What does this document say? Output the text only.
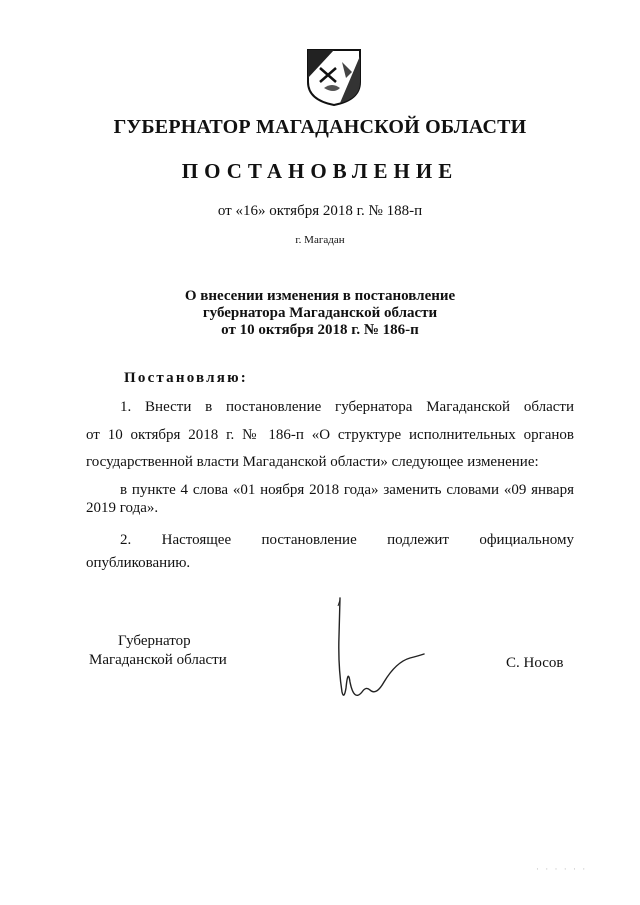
ГУБЕРНАТОР МАГАДАНСКОЙ ОБЛАСТИ
ПОСТАНОВЛЕНИЕ
от «16» октября 2018 г. № 188-п
г. Магадан
О внесении изменения в постановление
губернатора Магаданской области
от 10 октября 2018 г. № 186-п
Постановляю:
1. Внести в постановление губернатора Магаданской области
от 10 октября 2018 г. № 186-п «О структуре исполнительных органов
государственной власти Магаданской области» следующее изменение:
в пункте 4 слова «01 ноября 2018 года» заменить словами «09 января
2019 года».
2. Настоящее постановление подлежит официальному
опубликованию.
Губернатор
Магаданской области	С. Носов
· · · · · ·
